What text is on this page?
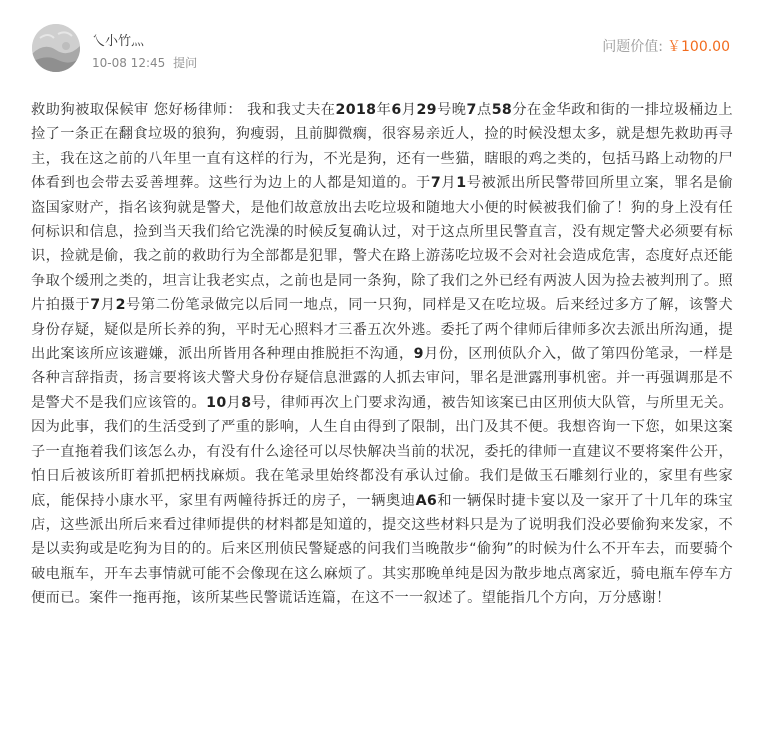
乀小竹灬
10-08 12:45 提问
问题价值: ￥100.00
救助狗被取保候审 您好杨律师： 我和我丈夫在2018年6月29号晚7点58分在金华政和街的一排垃圾桶边上捡了一条正在翻食垃圾的狼狗，狗瘦弱，且前脚微瘸，很容易亲近人，捡的时候没想太多，就是想先救助再寻主，我在这之前的八年里一直有这样的行为，不光是狗，还有一些猫，瞎眼的鸡之类的，包括马路上动物的尸体看到也会带去妥善埋葬。这些行为边上的人都是知道的。于7月1号被派出所民警带回所里立案，罪名是偷盗国家财产，指名该狗就是警犬，是他们故意放出去吃垃圾和随地大小便的时候被我们偷了！狗的身上没有任何标识和信息，捡到当天我们给它洗澡的时候反复确认过，对于这点所里民警直言，没有规定警犬必须要有标识，捡就是偷，我之前的救助行为全部都是犯罪，警犬在路上游荡吃垃圾不会对社会造成危害，态度好点还能争取个缓刑之类的，坦言让我老实点，之前也是同一条狗，除了我们之外已经有两波人因为捡去被判刑了。照片拍摄于7月2号第二份笔录做完以后同一地点，同一只狗，同样是又在吃垃圾。后来经过多方了解，该警犬身份存疑，疑似是所长养的狗，平时无心照料才三番五次外逃。委托了两个律师后律师多次去派出所沟通，提出此案该所应该避嫌，派出所皆用各种理由推脱拒不沟通，9月份，区刑侦队介入，做了第四份笔录，一样是各种言辞指责，扬言要将该犬警犬身份存疑信息泄露的人抓去审问，罪名是泄露刑事机密。并一再强调那是不是警犬不是我们应该管的。10月8号，律师再次上门要求沟通，被告知该案已由区刑侦大队管，与所里无关。 因为此事，我们的生活受到了严重的影响，人生自由得到了限制，出门及其不便。我想咨询一下您，如果这案子一直拖着我们该怎么办，有没有什么途径可以尽快解决当前的状况，委托的律师一直建议不要将案件公开，怕日后被该所盯着抓把柄找麻烦。我在笔录里始终都没有承认过偷。我们是做玉石雕刻行业的，家里有些家底，能保持小康水平，家里有两幢待拆迁的房子，一辆奥迪A6和一辆保时捷卡宴以及一家开了十几年的珠宝店，这些派出所后来看过律师提供的材料都是知道的，提交这些材料只是为了说明我们没必要偷狗来发家，不是以卖狗或是吃狗为目的的。后来区刑侦民警疑惑的问我们当晚散步“偷狗”的时候为什么不开车去，而要骑个破电瓶车，开车去事情就可能不会像现在这么麻烦了。其实那晚单纯是因为散步地点离家近，骑电瓶车停车方便而已。案件一拖再拖，该所某些民警谎话连篇，在这不一一叙述了。望能指几个方向，万分感谢！
